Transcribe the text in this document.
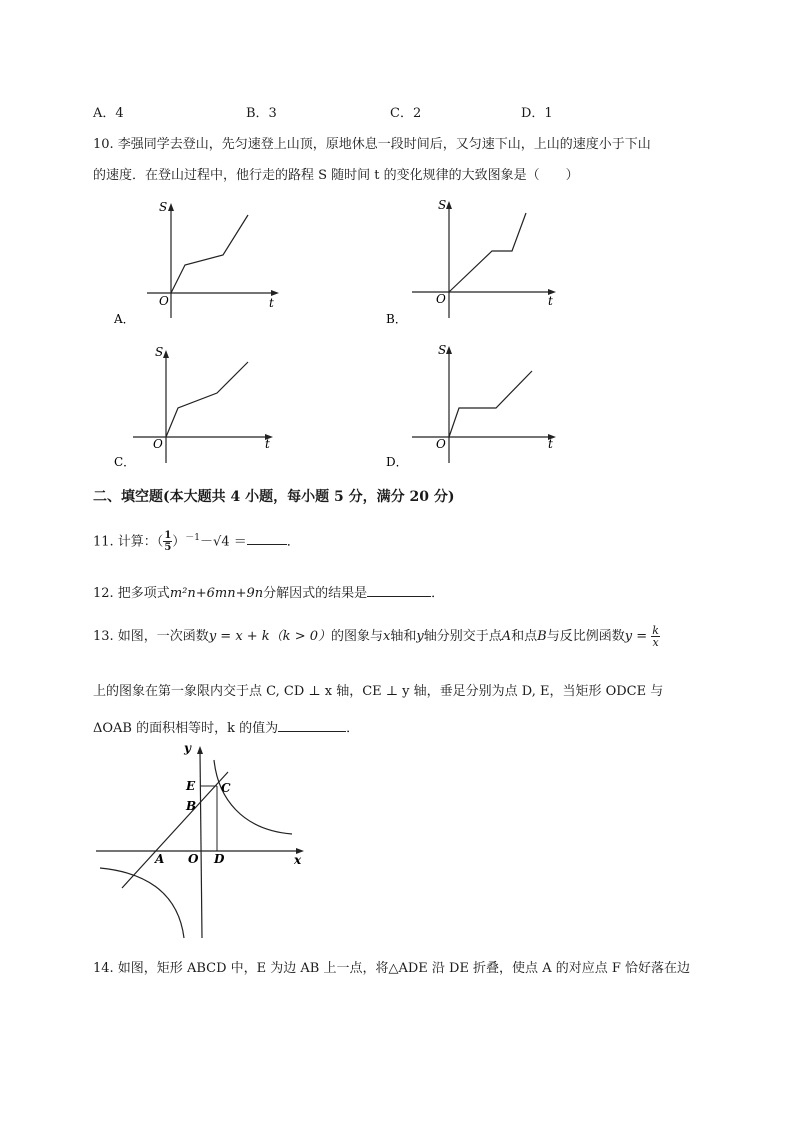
A．4	B．3	C．2	D．1
10. 李强同学去登山，先匀速登上山顶，原地休息一段时间后，又匀速下山，上山的速度小于下山
的速度．在登山过程中，他行走的路程 S 随时间 t 的变化规律的大致图象是（　　）
S
t
O
A．
S
t
O
B．
S
t
O
C．
S
t
O
D．
二、填空题(本大题共 4 小题，每小题 5 分，满分 20 分)
11. 计算：（ $\frac{1}{5} )^{-1}-√4$ ＝	．
12. 把多项式m²n+6mn+9n分解因式的结果是	．
13. 如图，一次函数y = x + k（k > 0）的图象与x轴和y轴分别交于点A和点B与反比例函数$y = \frac{k}{x}$
上的图象在第一象限内交于点 C, CD ⊥ x 轴，CE ⊥ y 轴，垂足分别为点 D, E，当矩形 ODCE 与
ΔOAB 的面积相等时，k 的值为	．
y
x
E C
B
A O D
14. 如图，矩形 ABCD 中，E 为边 AB 上一点，将△ADE 沿 DE 折叠，使点 A 的对应点 F 恰好落在边
